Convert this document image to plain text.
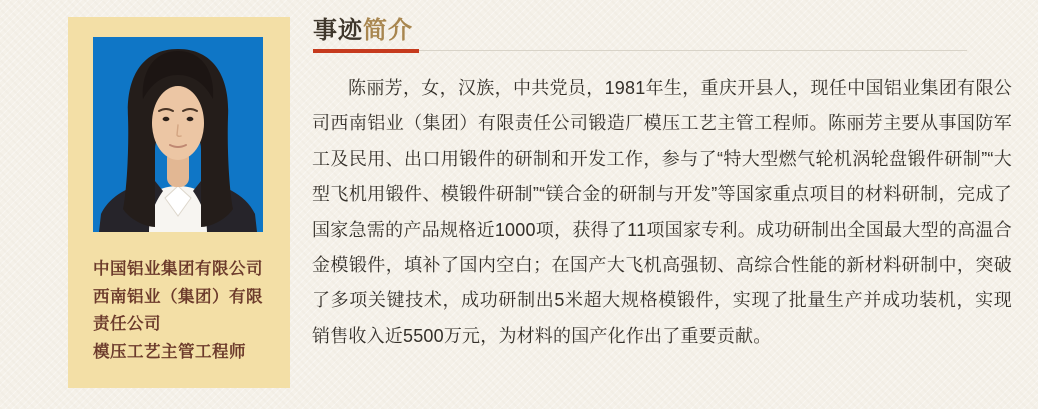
中国铝业集团有限公司
西南铝业（集团）有限
责任公司
模压工艺主管工程师
事迹简介

陈丽芳，女，汉族，中共党员，1981年生，重庆开县人，现任中国铝业集团有限公司西南铝业（集团）有限责任公司锻造厂模压工艺主管工程师。陈丽芳主要从事国防军工及民用、出口用锻件的研制和开发工作，参与了“特大型燃气轮机涡轮盘锻件研制”“大型飞机用锻件、模锻件研制”“镁合金的研制与开发”等国家重点项目的材料研制，完成了国家急需的产品规格近1000项，获得了11项国家专利。成功研制出全国最大型的高温合金模锻件，填补了国内空白；在国产大飞机高强韧、高综合性能的新材料研制中，突破了多项关键技术，成功研制出5米超大规格模锻件，实现了批量生产并成功装机，实现销售收入近5500万元，为材料的国产化作出了重要贡献。
